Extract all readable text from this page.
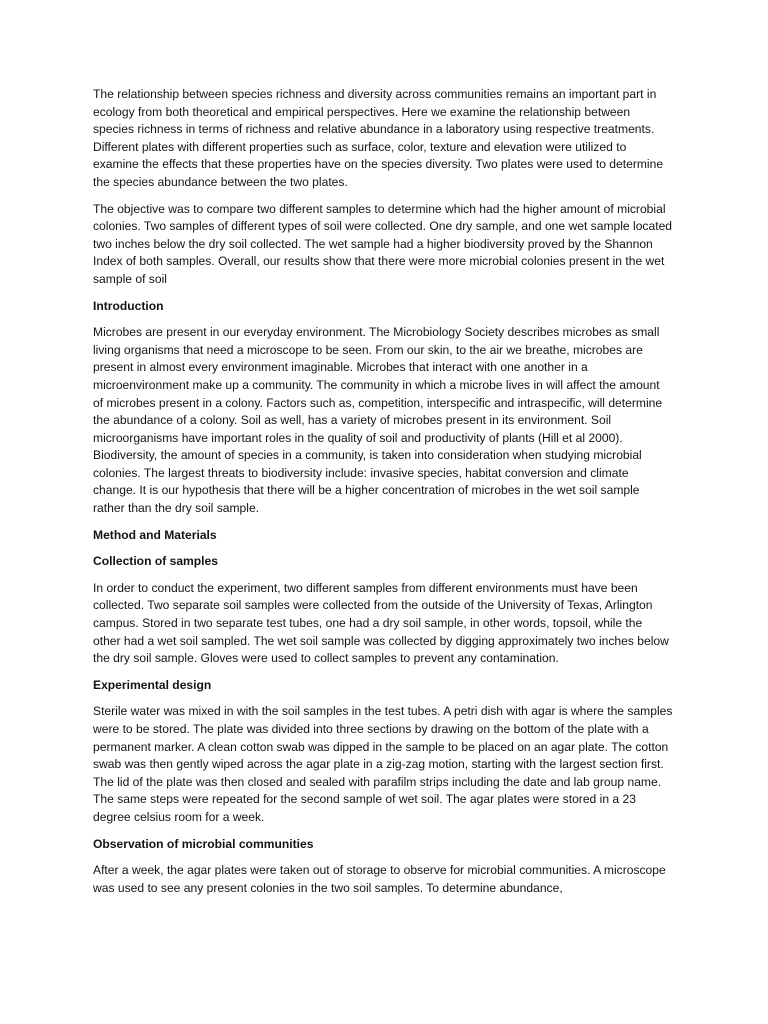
The relationship between species richness and diversity across communities remains an important part in ecology from both theoretical and empirical perspectives. Here we examine the relationship between species richness in terms of richness and relative abundance in a laboratory using respective treatments. Different plates with different properties such as surface, color, texture and elevation were utilized to examine the effects that these properties have on the species diversity. Two plates were used to determine the species abundance between the two plates.

The objective was to compare two different samples to determine which had the higher amount of microbial colonies. Two samples of different types of soil were collected. One dry sample, and one wet sample located two inches below the dry soil collected. The wet sample had a higher biodiversity proved by the Shannon Index of both samples. Overall, our results show that there were more microbial colonies present in the wet sample of soil

Introduction

Microbes are present in our everyday environment. The Microbiology Society describes microbes as small living organisms that need a microscope to be seen. From our skin, to the air we breathe, microbes are present in almost every environment imaginable. Microbes that interact with one another in a microenvironment make up a community. The community in which a microbe lives in will affect the amount of microbes present in a colony. Factors such as, competition, interspecific and intraspecific, will determine the abundance of a colony. Soil as well, has a variety of microbes present in its environment. Soil microorganisms have important roles in the quality of soil and productivity of plants (Hill et al 2000). Biodiversity, the amount of species in a community, is taken into consideration when studying microbial colonies. The largest threats to biodiversity include: invasive species, habitat conversion and climate change. It is our hypothesis that there will be a higher concentration of microbes in the wet soil sample rather than the dry soil sample.

Method and Materials

Collection of samples

In order to conduct the experiment, two different samples from different environments must have been collected. Two separate soil samples were collected from the outside of the University of Texas, Arlington campus. Stored in two separate test tubes, one had a dry soil sample, in other words, topsoil, while the other had a wet soil sampled. The wet soil sample was collected by digging approximately two inches below the dry soil sample. Gloves were used to collect samples to prevent any contamination.

Experimental design

Sterile water was mixed in with the soil samples in the test tubes. A petri dish with agar is where the samples were to be stored. The plate was divided into three sections by drawing on the bottom of the plate with a permanent marker. A clean cotton swab was dipped in the sample to be placed on an agar plate. The cotton swab was then gently wiped across the agar plate in a zig-zag motion, starting with the largest section first. The lid of the plate was then closed and sealed with parafilm strips including the date and lab group name. The same steps were repeated for the second sample of wet soil. The agar plates were stored in a 23 degree celsius room for a week.

Observation of microbial communities

After a week, the agar plates were taken out of storage to observe for microbial communities. A microscope was used to see any present colonies in the two soil samples. To determine abundance,
